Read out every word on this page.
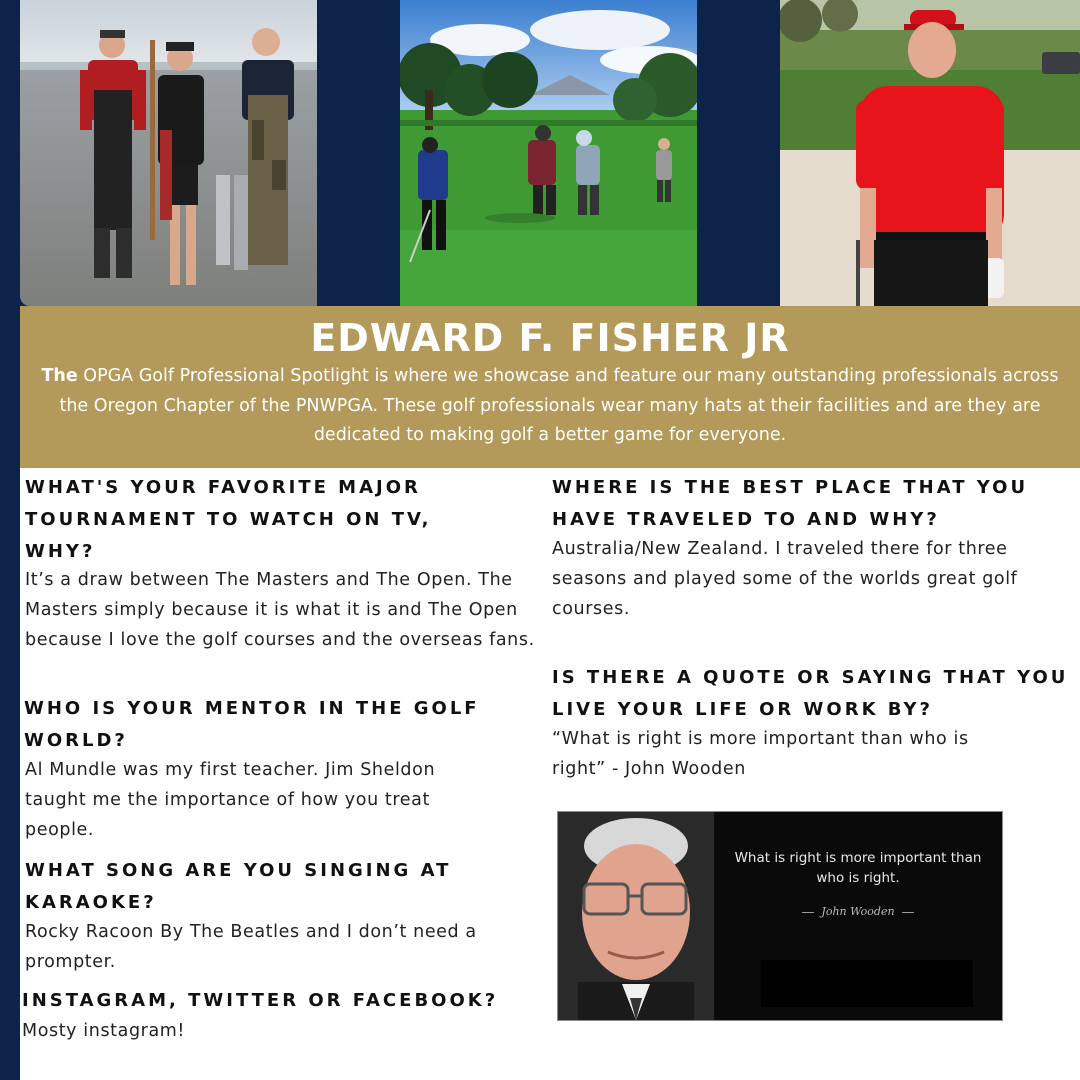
EDWARD F. FISHER JR

The OPGA Golf Professional Spotlight is where we showcase and feature our many outstanding professionals across the Oregon Chapter of the PNWPGA. These golf professionals wear many hats at their facilities and are they are dedicated to making golf a better game for everyone.

WHAT'S YOUR FAVORITE MAJOR TOURNAMENT TO WATCH ON TV, WHY?
It’s a draw between The Masters and The Open. The Masters simply because it is what it is and The Open because I love the golf courses and the overseas fans.
WHO IS YOUR MENTOR IN THE GOLF WORLD?
Al Mundle was my first teacher. Jim Sheldon taught me the importance of how you treat people.
WHAT SONG ARE YOU SINGING AT KARAOKE?
Rocky Racoon By The Beatles and I don’t need a prompter.
INSTAGRAM, TWITTER OR FACEBOOK?
Mosty instagram!
WHERE IS THE BEST PLACE THAT YOU HAVE TRAVELED TO AND WHY?
Australia/New Zealand. I traveled there for three seasons and played some of the worlds great golf courses.
IS THERE A QUOTE OR SAYING THAT YOU LIVE YOUR LIFE OR WORK BY?
“What is right is more important than who is right” - John Wooden
What is right is more important than who is right.
John Wooden
